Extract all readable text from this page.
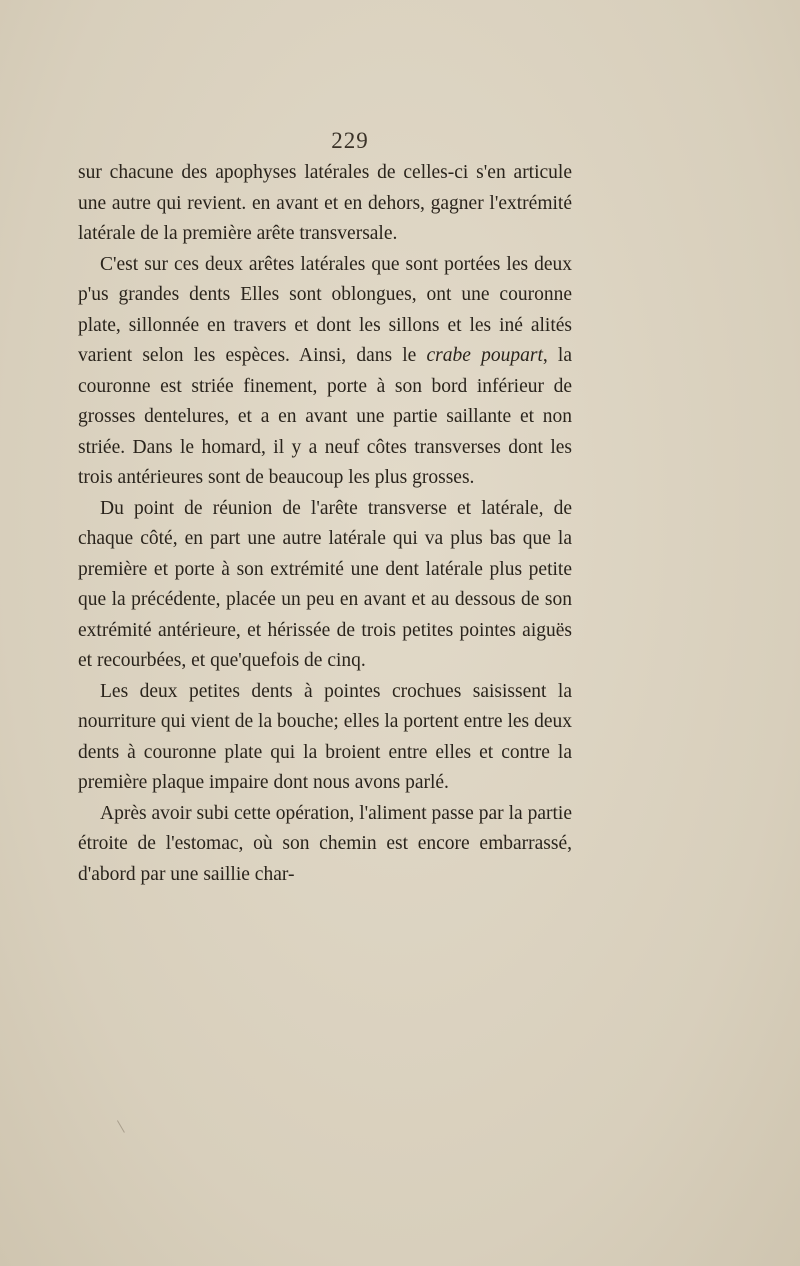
229

sur chacune des apophyses latérales de celles-ci s'en articule une autre qui revient. en avant et en dehors, gagner l'extrémité latérale de la première arête transversale.

C'est sur ces deux arêtes latérales que sont portées les deux p'us grandes dents Elles sont oblongues, ont une couronne plate, sillonnée en travers et dont les sillons et les iné alités varient selon les espèces. Ainsi, dans le crabe poupart, la couronne est striée finement, porte à son bord inférieur de grosses dentelures, et a en avant une partie saillante et non striée. Dans le homard, il y a neuf côtes transverses dont les trois antérieures sont de beaucoup les plus grosses.

Du point de réunion de l'arête transverse et latérale, de chaque côté, en part une autre latérale qui va plus bas que la première et porte à son extrémité une dent latérale plus petite que la précédente, placée un peu en avant et au dessous de son extrémité antérieure, et hérissée de trois petites pointes aiguës et recourbées, et que'quefois de cinq.

Les deux petites dents à pointes crochues saisissent la nourriture qui vient de la bouche; elles la portent entre les deux dents à couronne plate qui la broient entre elles et contre la première plaque impaire dont nous avons parlé.

Après avoir subi cette opération, l'aliment passe par la partie étroite de l'estomac, où son chemin est encore embarrassé, d'abord par une saillie char-
